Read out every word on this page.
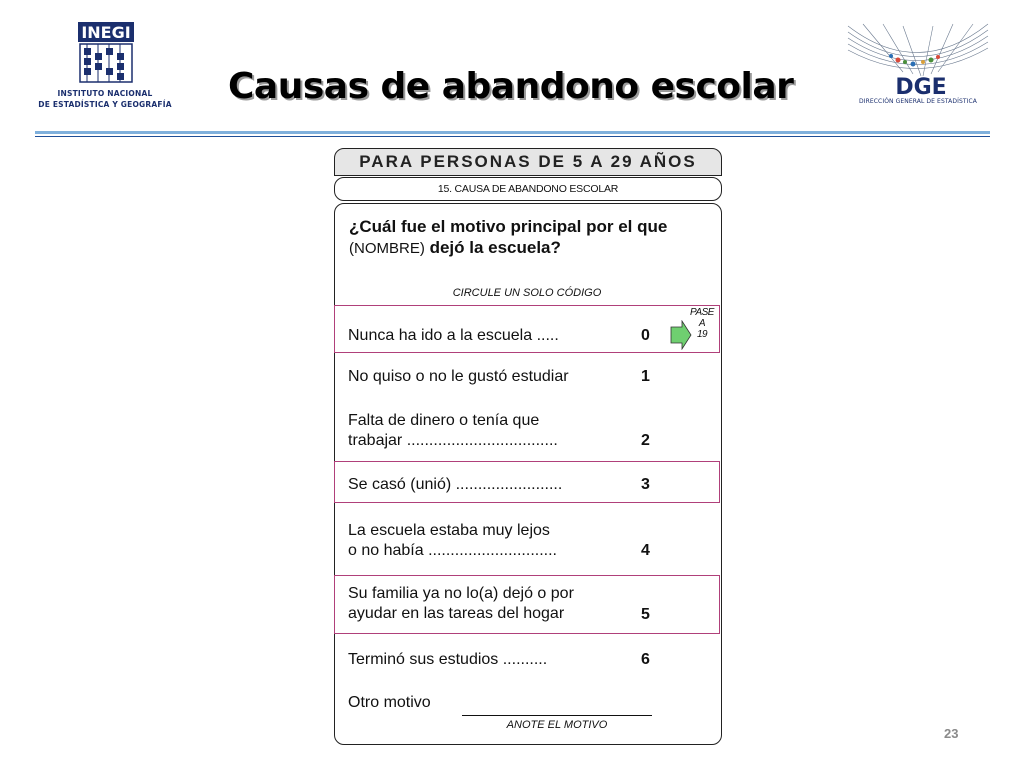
INEGI
INSTITUTO NACIONAL
DE ESTADÍSTICA Y GEOGRAFÍA Causas de abandono escolar	DGE
DIRECCIÓN GENERAL DE ESTADÍSTICA
PARA PERSONAS DE 5 A 29 AÑOS
15. CAUSA DE ABANDONO ESCOLAR
¿Cuál fue el motivo principal por el que
(NOMBRE) dejó la escuela?
CIRCULE UN SOLO CÓDIGO
Nunca ha ido a la escuela .....	0
PASE
A
19
No quiso o no le gustó estudiar	1
Falta de dinero o tenía que
trabajar ..................................	2
Se casó (unió) ........................	3
La escuela estaba muy lejos
o no había .............................	4
Su familia ya no lo(a) dejó o por
ayudar en las tareas del hogar	5
Terminó sus estudios ..........	6
Otro motivo
ANOTE EL MOTIVO
23
